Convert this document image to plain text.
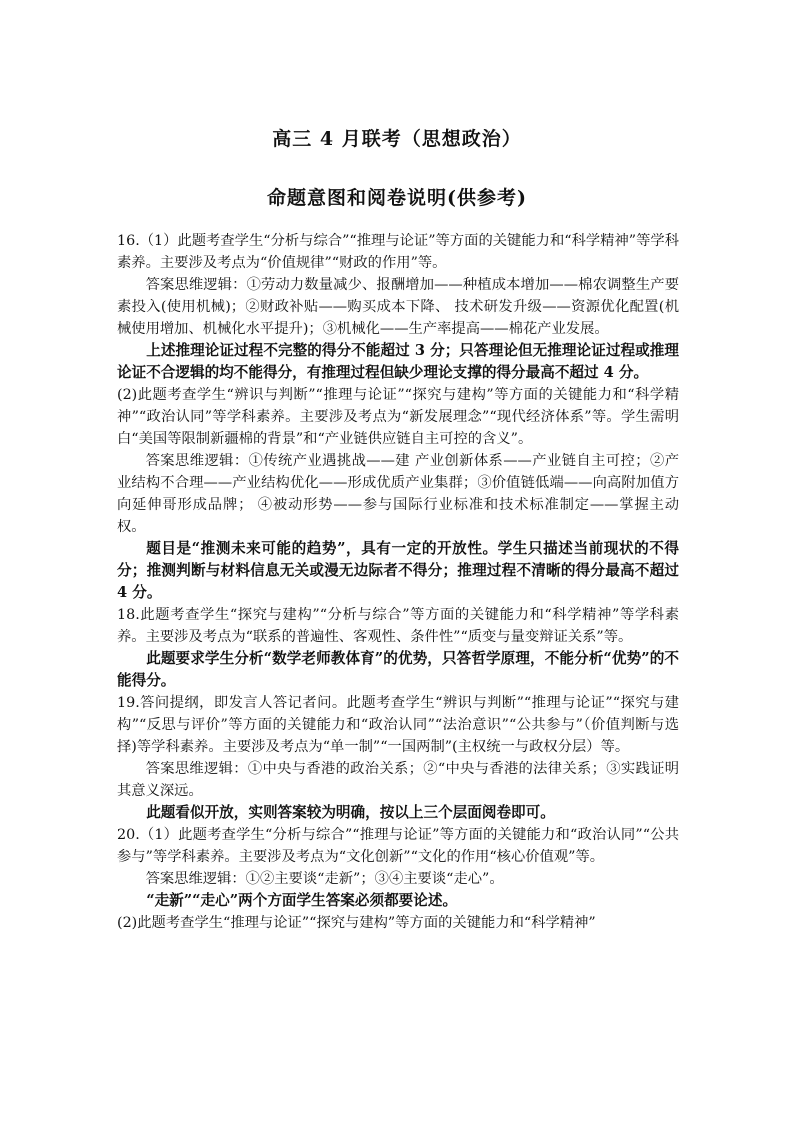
高三 4 月联考（思想政治）
命题意图和阅卷说明(供参考)

16.（1）此题考查学生“分析与综合”“推理与论证”等方面的关键能力和“科学精神”等学科素养。主要涉及考点为“价值规律”“财政的作用”等。

答案思维逻辑：①劳动力数量减少、报酬增加——种植成本增加——棉农调整生产要素投入(使用机械)；②财政补贴——购买成本下降、 技术研发升级——资源优化配置(机械使用增加、机械化水平提升)；③机械化——生产率提高——棉花产业发展。

上述推理论证过程不完整的得分不能超过 3 分；只答理论但无推理论证过程或推理论证不合逻辑的均不能得分，有推理过程但缺少理论支撑的得分最高不超过 4 分。

(2)此题考查学生“辨识与判断”“推理与论证”“探究与建构”等方面的关键能力和“科学精神”“政治认同”等学科素养。主要涉及考点为“新发展理念”“现代经济体系”等。学生需明白“美国等限制新疆棉的背景”和“产业链供应链自主可控的含义”。

答案思维逻辑：①传统产业遇挑战——建 产业创新体系——产业链自主可控；②产业结构不合理——产业结构优化——形成优质产业集群；③价值链低端——向高附加值方向延伸哥形成品牌； ④被动形势——参与国际行业标准和技术标准制定——掌握主动权。

题目是“推测未来可能的趋势”，具有一定的开放性。学生只描述当前现状的不得分；推测判断与材料信息无关或漫无边际者不得分；推理过程不清晰的得分最高不超过 4 分。

18.此题考查学生“探究与建构”“分析与综合”等方面的关键能力和“科学精神”等学科素养。主要涉及考点为“联系的普遍性、客观性、条件性”“质变与量变辩证关系”等。

此题要求学生分析“数学老师教体育”的优势，只答哲学原理，不能分析“优势”的不能得分。

19.答问提纲，即发言人答记者问。此题考查学生“辨识与判断”“推理与论证”“探究与建构”“反思与评价”等方面的关键能力和“政治认同”“法治意识”“公共参与”（价值判断与选择)等学科素养。主要涉及考点为“单一制”“一国两制”(主权统一与政权分层）等。

答案思维逻辑：①中央与香港的政治关系；②“中央与香港的法律关系；③实践证明其意义深远。

此题看似开放，实则答案较为明确，按以上三个层面阅卷即可。

20.（1）此题考查学生“分析与综合”“推理与论证”等方面的关键能力和“政治认同”“公共参与”等学科素养。主要涉及考点为“文化创新”“文化的作用“核心价值观”等。

答案思维逻辑：①②主要谈“走新”；③④主要谈“走心”。

“走新”“走心”两个方面学生答案必须都要论述。

(2)此题考查学生“推理与论证”“探究与建构”等方面的关键能力和“科学精神”
